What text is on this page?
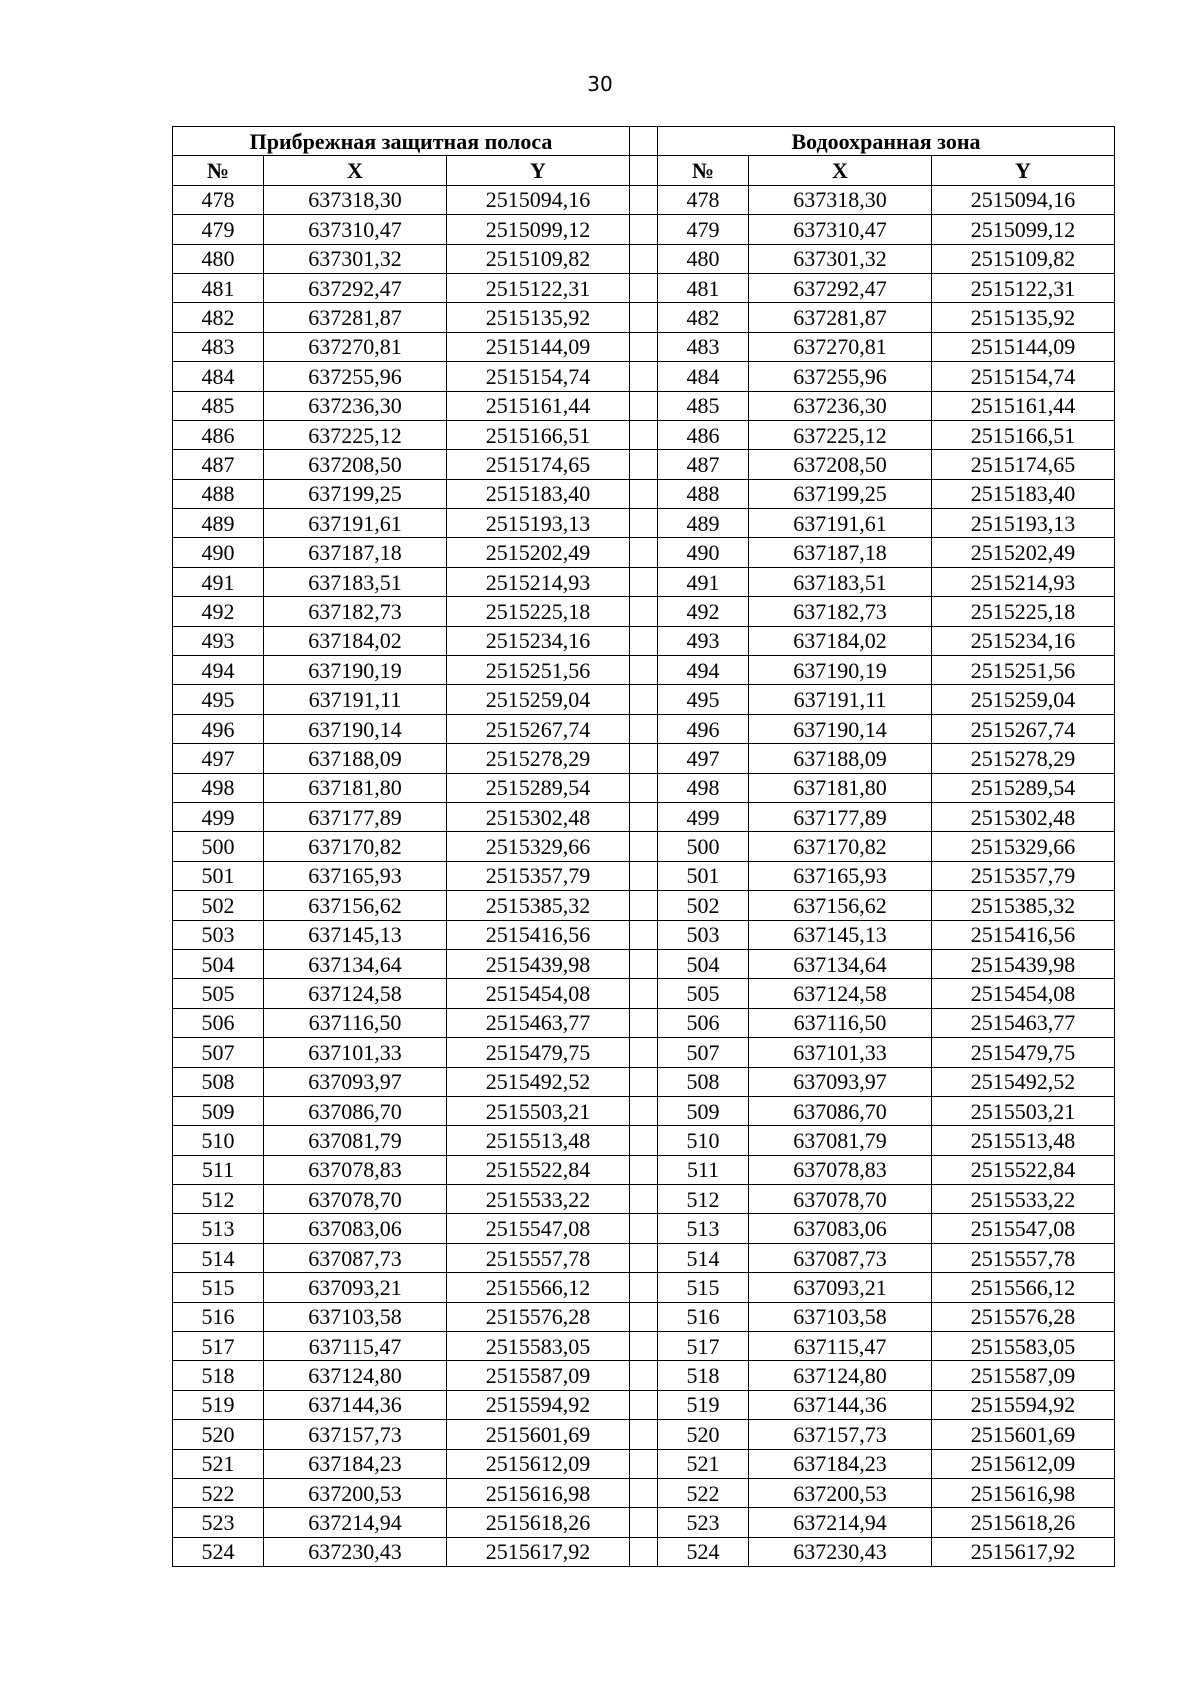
30
Прибрежная защитная полоса				Водоохранная зона		
№	X	Y		№	X	Y
478	637318,30	2515094,16		478	637318,30	2515094,16
479	637310,47	2515099,12		479	637310,47	2515099,12
480	637301,32	2515109,82		480	637301,32	2515109,82
481	637292,47	2515122,31		481	637292,47	2515122,31
482	637281,87	2515135,92		482	637281,87	2515135,92
483	637270,81	2515144,09		483	637270,81	2515144,09
484	637255,96	2515154,74		484	637255,96	2515154,74
485	637236,30	2515161,44		485	637236,30	2515161,44
486	637225,12	2515166,51		486	637225,12	2515166,51
487	637208,50	2515174,65		487	637208,50	2515174,65
488	637199,25	2515183,40		488	637199,25	2515183,40
489	637191,61	2515193,13		489	637191,61	2515193,13
490	637187,18	2515202,49		490	637187,18	2515202,49
491	637183,51	2515214,93		491	637183,51	2515214,93
492	637182,73	2515225,18		492	637182,73	2515225,18
493	637184,02	2515234,16		493	637184,02	2515234,16
494	637190,19	2515251,56		494	637190,19	2515251,56
495	637191,11	2515259,04		495	637191,11	2515259,04
496	637190,14	2515267,74		496	637190,14	2515267,74
497	637188,09	2515278,29		497	637188,09	2515278,29
498	637181,80	2515289,54		498	637181,80	2515289,54
499	637177,89	2515302,48		499	637177,89	2515302,48
500	637170,82	2515329,66		500	637170,82	2515329,66
501	637165,93	2515357,79		501	637165,93	2515357,79
502	637156,62	2515385,32		502	637156,62	2515385,32
503	637145,13	2515416,56		503	637145,13	2515416,56
504	637134,64	2515439,98		504	637134,64	2515439,98
505	637124,58	2515454,08		505	637124,58	2515454,08
506	637116,50	2515463,77		506	637116,50	2515463,77
507	637101,33	2515479,75		507	637101,33	2515479,75
508	637093,97	2515492,52		508	637093,97	2515492,52
509	637086,70	2515503,21		509	637086,70	2515503,21
510	637081,79	2515513,48		510	637081,79	2515513,48
511	637078,83	2515522,84		511	637078,83	2515522,84
512	637078,70	2515533,22		512	637078,70	2515533,22
513	637083,06	2515547,08		513	637083,06	2515547,08
514	637087,73	2515557,78		514	637087,73	2515557,78
515	637093,21	2515566,12		515	637093,21	2515566,12
516	637103,58	2515576,28		516	637103,58	2515576,28
517	637115,47	2515583,05		517	637115,47	2515583,05
518	637124,80	2515587,09		518	637124,80	2515587,09
519	637144,36	2515594,92		519	637144,36	2515594,92
520	637157,73	2515601,69		520	637157,73	2515601,69
521	637184,23	2515612,09		521	637184,23	2515612,09
522	637200,53	2515616,98		522	637200,53	2515616,98
523	637214,94	2515618,26		523	637214,94	2515618,26
524	637230,43	2515617,92		524	637230,43	2515617,92
